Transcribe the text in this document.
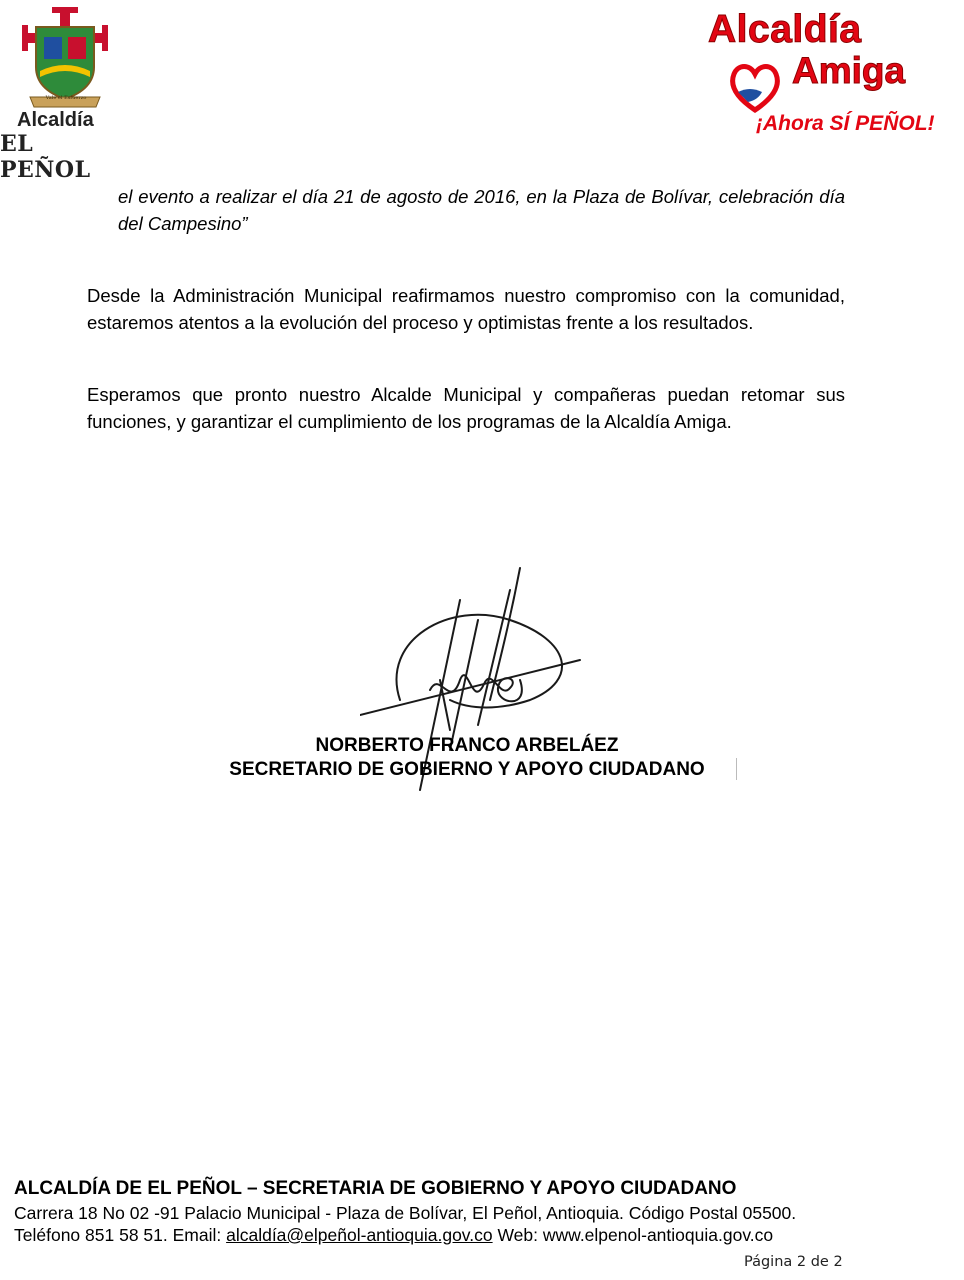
Vale el Esfuerzo
Alcaldía
EL PEÑOL
Alcaldía
Amiga
¡Ahora SÍ PEÑOL!
el evento a realizar el día 21 de agosto de 2016, en la Plaza de Bolívar, celebración día del Campesino”
Desde la Administración Municipal reafirmamos nuestro compromiso con la comunidad, estaremos atentos a la evolución del proceso y optimistas frente a los resultados.
Esperamos que pronto nuestro Alcalde Municipal y compañeras puedan retomar sus funciones, y garantizar el cumplimiento de los programas de la Alcaldía Amiga.
NORBERTO FRANCO ARBELÁEZ
SECRETARIO DE GOBIERNO Y APOYO CIUDADANO
ALCALDÍA DE EL PEÑOL – SECRETARIA DE GOBIERNO Y APOYO CIUDADANO
Carrera 18 No 02 -91 Palacio Municipal - Plaza de Bolívar, El Peñol, Antioquia. Código Postal 05500.
Teléfono 851 58 51. Email: alcaldía@elpeñol-antioquia.gov.co Web: www.elpenol-antioquia.gov.co
Página 2 de 2
